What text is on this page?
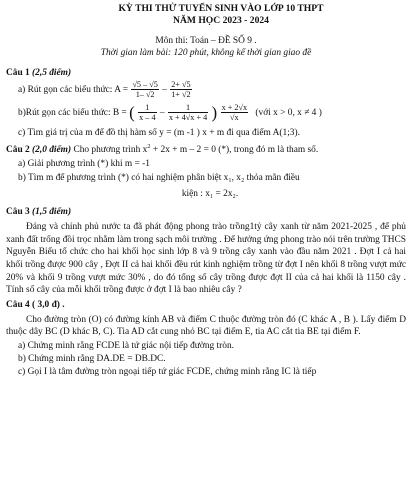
KỲ THI THỬ TUYỂN SINH VÀO LỚP 10 THPT
NĂM HỌC 2023 - 2024
Môn thi: Toán – ĐỀ SỐ 9 .
Thời gian làm bài: 120 phút, không kể thời gian giao đề
Câu 1 (2,5 điểm)
a) Rút gọn các biểu thức: $A = \frac{√5 - √5}{1- √2} - \frac{2+ √5}{1+ √2}$
b)Rút gọn các biểu thức: B = ( $\frac{1}{x - 4} - \frac{1}{x + 4√x + 4}$ ) $\frac{x + 2√x}{√x}$ (với x > 0, x ≠ 4 )
c) Tìm giá trị của m để đồ thị hàm số y = (m -1 ) x + m đi qua điểm A(1;3).
Câu 2 (2,0 điểm) Cho phương trình $x^2 + 2x + m - 2 = 0$ (*), trong đó m là tham số.
a) Giải phương trình (*) khi m = -1
b) Tìm m để phương trình (*) có hai nghiệm phân biệt x₁, x₂ thỏa mãn điều
kiện : x₁ = 2x₂.
Câu 3 (1,5 điểm)
Đảng và chính phủ nước ta đã phát động phong trào trồng1tỷ cây xanh từ năm 2021-2025 , để phủ xanh đất trống đồi trọc nhằm làm trong sạch môi trường . Để hưởng ứng phong trào nói trên trường THCS Nguyễn Biểu tổ chức cho hai khối học sinh lớp 8 và 9 trồng cây xanh vào đầu năm 2021 . Đợt I cả hai khối trồng được 900 cây , Đợt II cả hai khối đều rút kinh nghiệm trồng từ đợt I nên khối 8 trồng vượt mức 20% và khối 9 trồng vượt mức 30% , do đó tổng số cây trồng được đợt II của cả hai khối là 1150 cây . Tính số cây của mỗi khối trồng được ở đợt I là bao nhiêu cây ?
Câu 4 ( 3,0 đ) .
Cho đường tròn (O) có đường kính AB và điểm C thuộc đường tròn đó (C khác A , B ). Lấy điểm D thuộc dây BC (D khác B, C). Tia AD cắt cung nhỏ BC tại điểm E, tia AC cắt tia BE tại điểm F.
a) Chứng minh rằng FCDE là tứ giác nội tiếp đường tròn.
b) Chứng minh rằng DA.DE = DB.DC.
c) Gọi I là tâm đường tròn ngoại tiếp tứ giác FCDE, chứng minh rằng IC là tiếp
